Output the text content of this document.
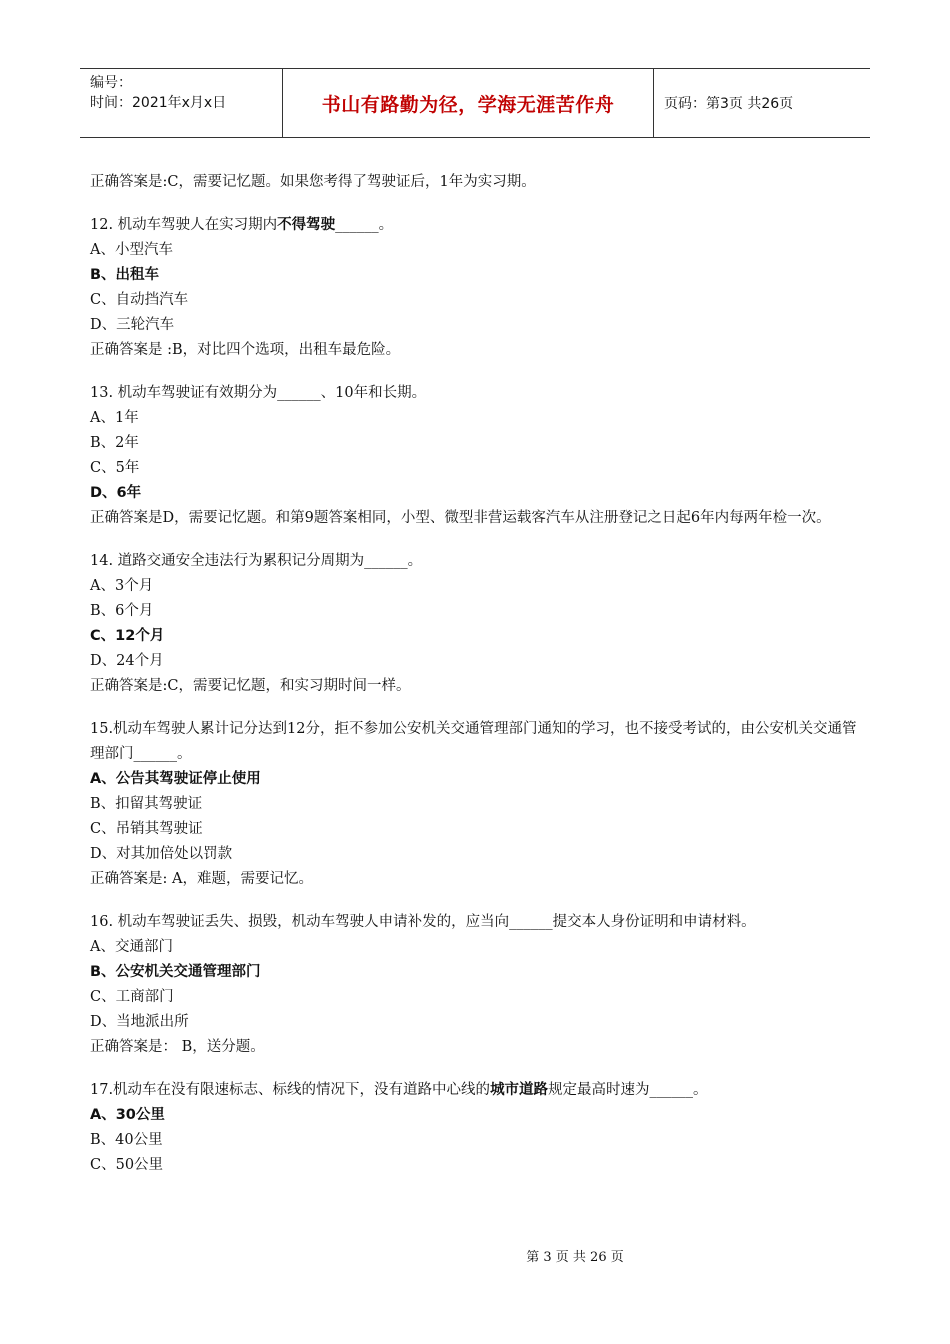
编号：
时间：2021年x月x日	书山有路勤为径，学海无涯苦作舟	页码：第3页 共26页
正确答案是:C，需要记忆题。如果您考得了驾驶证后，1年为实习期。
12. 机动车驾驶人在实习期内不得驾驶______。
A、小型汽车
B、出租车
C、自动挡汽车
D、三轮汽车
正确答案是 :B，对比四个选项，出租车最危险。
13. 机动车驾驶证有效期分为______、10年和长期。
A、1年
B、2年
C、5年
D、6年
正确答案是D，需要记忆题。和第9题答案相同，小型、微型非营运载客汽车从注册登记之日起6年内每两年检一次。
14. 道路交通安全违法行为累积记分周期为______。
A、3个月
B、6个月
C、12个月
D、24个月
正确答案是:C，需要记忆题，和实习期时间一样。
15.机动车驾驶人累计记分达到12分，拒不参加公安机关交通管理部门通知的学习，也不接受考试的，由公安机关交通管理部门______。
A、公告其驾驶证停止使用
B、扣留其驾驶证
C、吊销其驾驶证
D、对其加倍处以罚款
正确答案是: A，难题，需要记忆。
16. 机动车驾驶证丢失、损毁，机动车驾驶人申请补发的，应当向______提交本人身份证明和申请材料。
A、交通部门
B、公安机关交通管理部门
C、工商部门
D、当地派出所
正确答案是： B，送分题。
17.机动车在没有限速标志、标线的情况下，没有道路中心线的城市道路规定最高时速为______。
A、30公里
B、40公里
C、50公里
第 3 页 共 26 页
